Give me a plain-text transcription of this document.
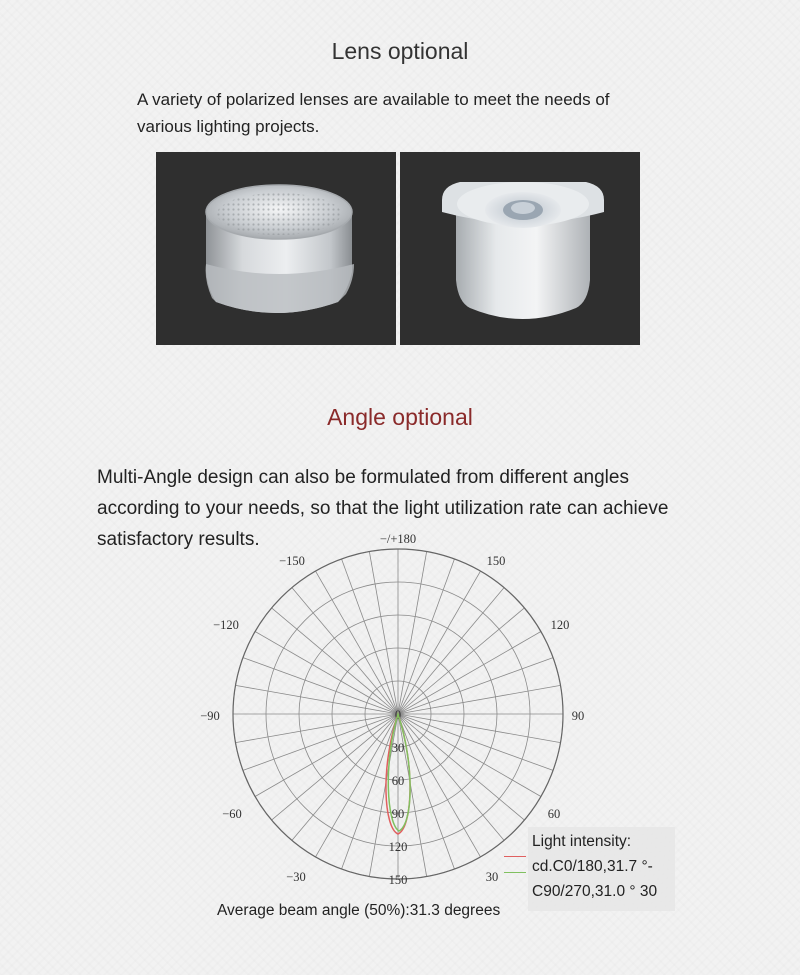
Lens optional
A variety of polarized lenses are available to meet the needs of
various lighting projects.
Angle optional
Multi-Angle design can also be formulated from different angles
according to your needs, so that the light utilization rate can achieve
satisfactory results.	−/+180
−150	150
−120	120
−90	90
−60	60
−30	30
0
30
60
90
120
150
Light intensity:
cd.C0/180,31.7 °-
C90/270,31.0 ° 30
Average beam angle (50%):31.3 degrees
